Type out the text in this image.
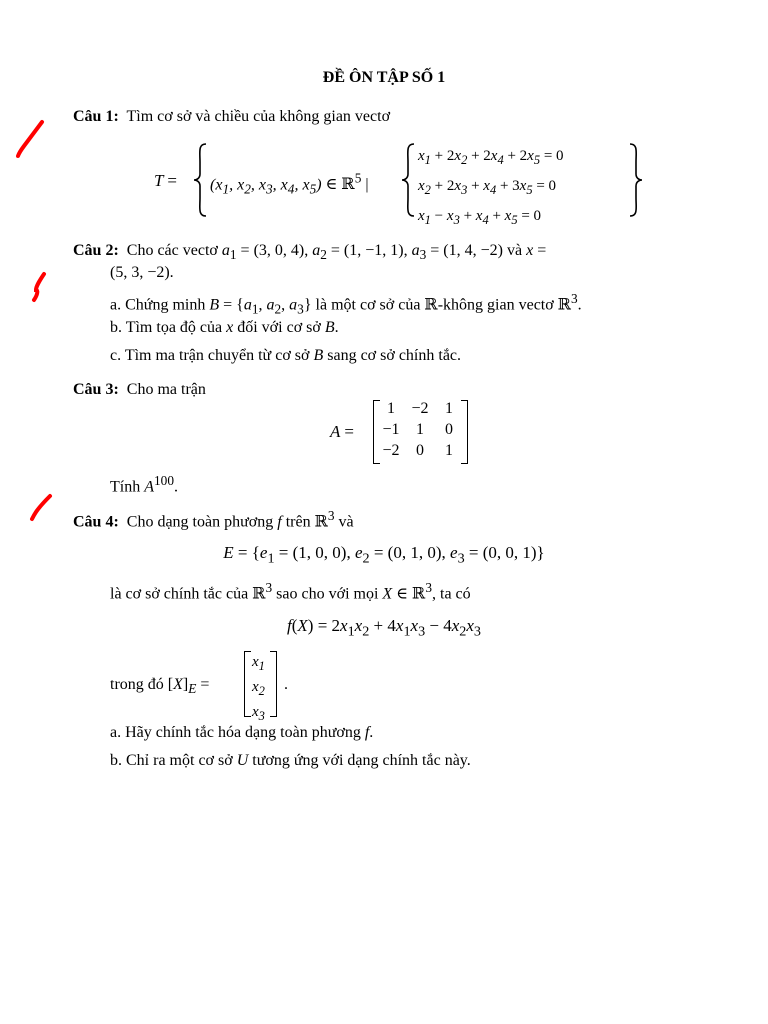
ĐỀ ÔN TẬP SỐ 1
Câu 1: Tìm cơ sở và chiều của không gian vectơ
$T = (x_1$, $x_2$, $x_3$, $x_4$, $x_5$) ∈ ℝ$^5$ |
$x_1 + 2x_2 + 2x_4 + 2x_5 = 0$
$x_2 + 2x_3 + x_4 + 3x_5 = 0$
$x_1 - x_3 + x_4 + x_5 = 0$
Câu 2:  Cho các vectơ $a_1 = (3$, 0, 4), $a_2 = (1$, −1, 1), $a_3 = (1$, 4, −2) và x =
(5, 3, −2).
a. Chứng minh $B = \{a_1$, $a_2$, $a_3$} là một cơ sở của ℝ-không gian vectơ ℝ$^3$.
b. Tìm tọa độ của x đối với cơ sở B.
c. Tìm ma trận chuyển từ cơ sở B sang cơ sở chính tắc.
Câu 3: Cho ma trận
A =
1	−2	1
−1	1	0
−2	0	1
Tính $A^{100}$.
Câu 4:  Cho dạng toàn phương f trên ℝ$^3$ và
$E = \{e_1 = (1$, 0, 0), $e_2 = (0$, 1, 0), $e_3 = (0$, 0, 1)}
là cơ sở chính tắc của ℝ$^3$ sao cho với mọi X ∈ ℝ$^3$, ta có
$f(X) = 2x_1x_2 + 4x_1x_3 - 4x_2x_3$
trong đó $[X]_E$ =
$x_1$
$x_2$
$x_3$
.
a. Hãy chính tắc hóa dạng toàn phương f.
b. Chỉ ra một cơ sở U tương ứng với dạng chính tắc này.
